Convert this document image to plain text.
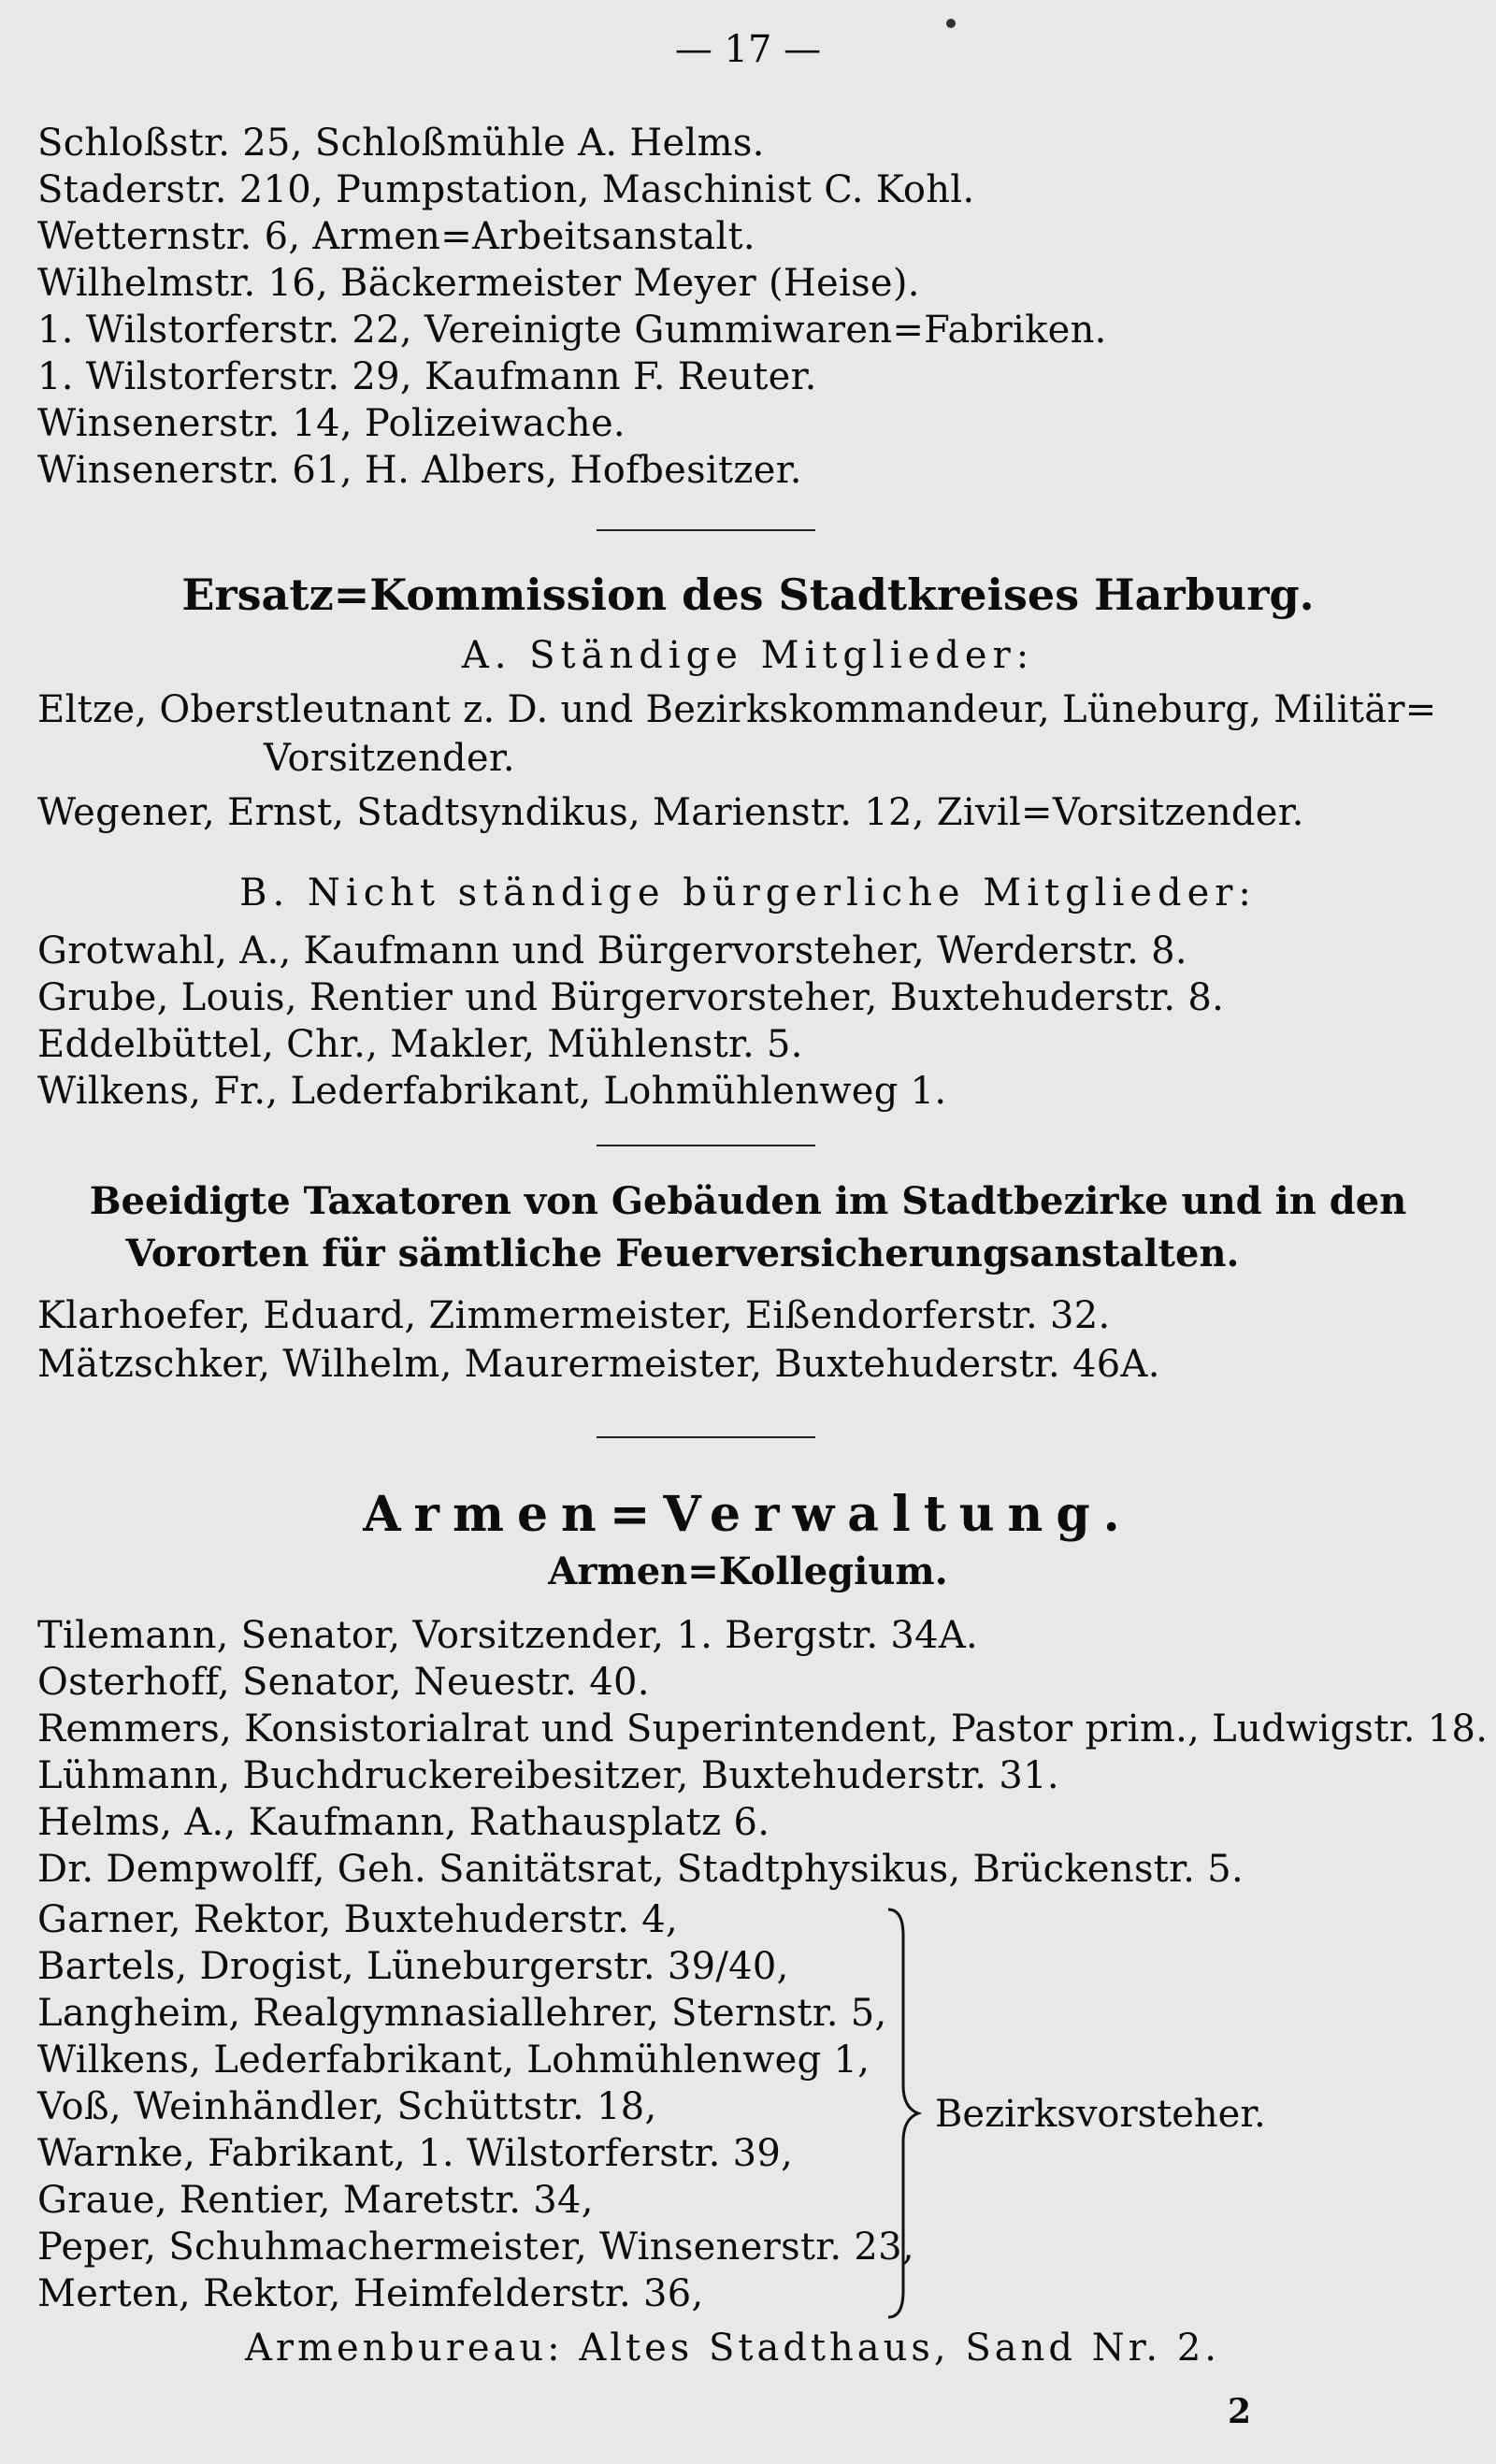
— 17 —
Schloßstr. 25, Schloßmühle A. Helms.
Staderstr. 210, Pumpstation, Maschinist C. Kohl.
Wetternstr. 6, Armen=Arbeitsanstalt.
Wilhelmstr. 16, Bäckermeister Meyer (Heise).
1. Wilstorferstr. 22, Vereinigte Gummiwaren=Fabriken.
1. Wilstorferstr. 29, Kaufmann F. Reuter.
Winsenerstr. 14, Polizeiwache.
Winsenerstr. 61, H. Albers, Hofbesitzer.
Ersatz=Kommission des Stadtkreises Harburg.
A. Ständige Mitglieder:
Eltze, Oberstleutnant z. D. und Bezirkskommandeur, Lüneburg, Militär=
Vorsitzender.
Wegener, Ernst, Stadtsyndikus, Marienstr. 12, Zivil=Vorsitzender.
B. Nicht ständige bürgerliche Mitglieder:
Grotwahl, A., Kaufmann und Bürgervorsteher, Werderstr. 8.
Grube, Louis, Rentier und Bürgervorsteher, Buxtehuderstr. 8.
Eddelbüttel, Chr., Makler, Mühlenstr. 5.
Wilkens, Fr., Lederfabrikant, Lohmühlenweg 1.
Beeidigte Taxatoren von Gebäuden im Stadtbezirke und in den
Vororten für sämtliche Feuerversicherungsanstalten.
Klarhoefer, Eduard, Zimmermeister, Eißendorferstr. 32.
Mätzschker, Wilhelm, Maurermeister, Buxtehuderstr. 46A.
Armen=Verwaltung.
Armen=Kollegium.
Tilemann, Senator, Vorsitzender, 1. Bergstr. 34A.
Osterhoff, Senator, Neuestr. 40.
Remmers, Konsistorialrat und Superintendent, Pastor prim., Ludwigstr. 18.
Lühmann, Buchdruckereibesitzer, Buxtehuderstr. 31.
Helms, A., Kaufmann, Rathausplatz 6.
Dr. Dempwolff, Geh. Sanitätsrat, Stadtphysikus, Brückenstr. 5.
Garner, Rektor, Buxtehuderstr. 4,
Bartels, Drogist, Lüneburgerstr. 39/40,
Langheim, Realgymnasiallehrer, Sternstr. 5,
Wilkens, Lederfabrikant, Lohmühlenweg 1,
Voß, Weinhändler, Schüttstr. 18,
Warnke, Fabrikant, 1. Wilstorferstr. 39,
Graue, Rentier, Maretstr. 34,
Peper, Schuhmachermeister, Winsenerstr. 23,
Merten, Rektor, Heimfelderstr. 36,
Bezirksvorsteher.
Armenbureau: Altes Stadthaus, Sand Nr. 2.
2
